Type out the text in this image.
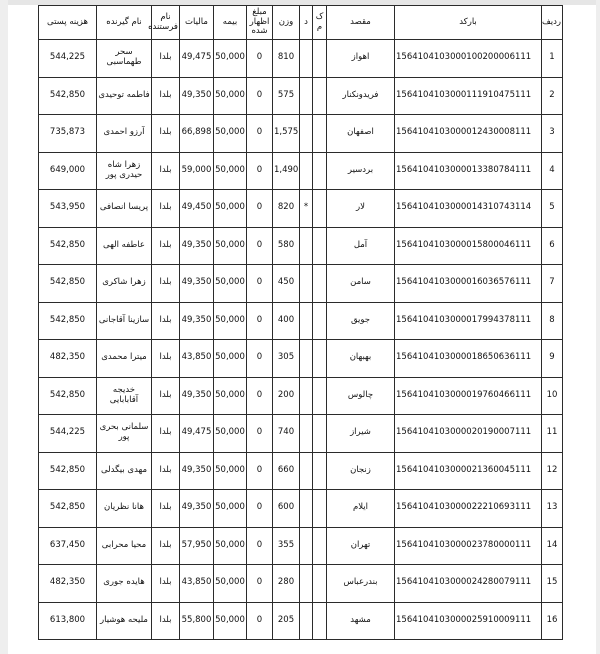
ردیف	بارکد	مقصد	ک م	د	وزن	مبلغ اظهار شده	بیمه	مالیات	نام فرستنده	نام گیرنده	هزینه پستی
1	1564104103000100200006111	اهواز			810	0	50,000	49,475	بلدا	سحر طهماسبی	544,225
2	1564104103000111910475111	فریدونکنار			575	0	50,000	49,350	بلدا	فاطمه توحیدی	542,850
3	1564104103000012430008111	اصفهان			1,575	0	50,000	66,898	بلدا	آرزو احمدی	735,873
4	1564104103000013380784111	بردسیر			1,490	0	50,000	59,000	بلدا	زهرا شاه حیدری پور	649,000
5	1564104103000014310743114	لار		*	820	0	50,000	49,450	بلدا	پریسا انصافی	543,950
6	1564104103000015800046111	آمل			580	0	50,000	49,350	بلدا	عاطفه الهی	542,850
7	1564104103000016036576111	سامن			450	0	50,000	49,350	بلدا	زهرا شاکری	542,850
8	1564104103000017994378111	جویق			400	0	50,000	49,350	بلدا	سازینا آقاجانی	542,850
9	1564104103000018650636111	بهبهان			305	0	50,000	43,850	بلدا	میترا محمدی	482,350
10	1564104103000019760466111	چالوس			200	0	50,000	49,350	بلدا	خدیجه آقابابایی	542,850
11	1564104103000020190007111	شیراز			740	0	50,000	49,475	بلدا	سلمانی بحری پور	544,225
12	1564104103000021360045111	زنجان			660	0	50,000	49,350	بلدا	مهدی بیگدلی	542,850
13	1564104103000022210693111	ایلام			600	0	50,000	49,350	بلدا	هانا نظریان	542,850
14	1564104103000023780000111	تهران			355	0	50,000	57,950	بلدا	محیا محرابی	637,450
15	1564104103000024280079111	بندرعباس			280	0	50,000	43,850	بلدا	هایده جوری	482,350
16	1564104103000025910009111	مشهد			205	0	50,000	55,800	بلدا	ملیحه هوشیار	613,800
